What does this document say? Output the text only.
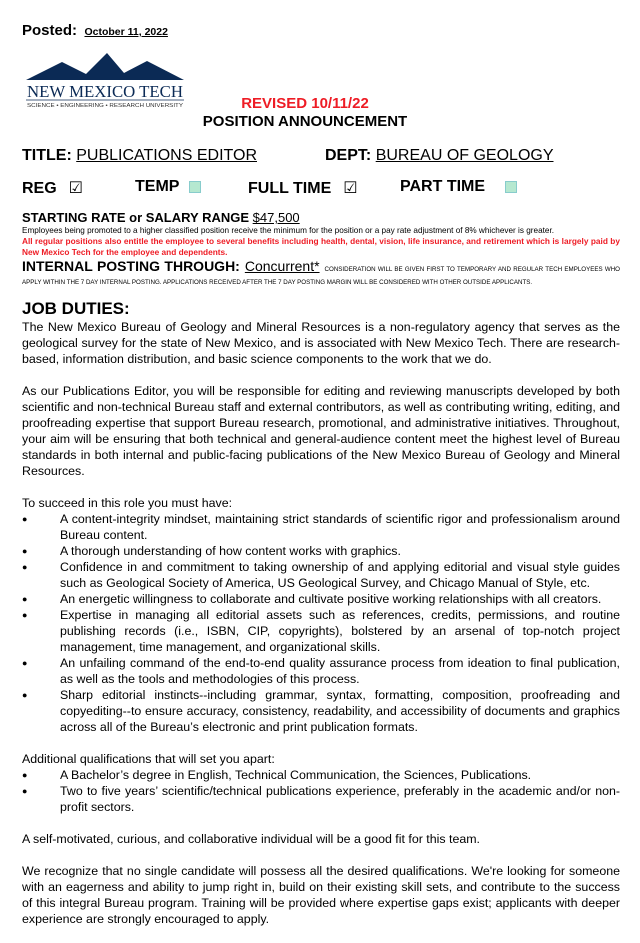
Posted: October 11, 2022
NEW MEXICO TECH
SCIENCE • ENGINEERING • RESEARCH UNIVERSITY	REVISED 10/11/22
POSITION ANNOUNCEMENT
TITLE: PUBLICATIONS EDITOR	DEPT: BUREAU OF GEOLOGY
REG ☑	TEMP	FULL TIME ☑	PART TIME
STARTING RATE or SALARY RANGE $47,500
Employees being promoted to a higher classified position receive the minimum for the position or a pay rate adjustment of 8% whichever is greater.
All regular positions also entitle the employee to several benefits including health, dental, vision, life insurance, and retirement which is largely paid by New Mexico Tech for the employee and dependents.
INTERNAL POSTING THROUGH: Concurrent* CONSIDERATION WILL BE GIVEN FIRST TO TEMPORARY AND REGULAR TECH EMPLOYEES WHO APPLY WITHIN THE 7 DAY INTERNAL POSTING. APPLICATIONS RECEIVED AFTER THE 7 DAY POSTING MARGIN WILL BE CONSIDERED WITH OTHER OUTSIDE APPLICANTS.
JOB DUTIES:

The New Mexico Bureau of Geology and Mineral Resources is a non-regulatory agency that serves as the geological survey for the state of New Mexico, and is associated with New Mexico Tech. There are research-based, information distribution, and basic science components to the work that we do.

As our Publications Editor, you will be responsible for editing and reviewing manuscripts developed by both scientific and non-technical Bureau staff and external contributors, as well as contributing writing, editing, and proofreading expertise that support Bureau research, promotional, and administrative initiatives. Throughout, your aim will be ensuring that both technical and general-audience content meet the highest level of Bureau standards in both internal and public-facing publications of the New Mexico Bureau of Geology and Mineral Resources.

To succeed in this role you must have:

● A content-integrity mindset, maintaining strict standards of scientific rigor and professionalism around Bureau content.
● A thorough understanding of how content works with graphics.
● Confidence in and commitment to taking ownership of and applying editorial and visual style guides such as Geological Society of America, US Geological Survey, and Chicago Manual of Style, etc.
● An energetic willingness to collaborate and cultivate positive working relationships with all creators.
● Expertise in managing all editorial assets such as references, credits, permissions, and routine publishing records (i.e., ISBN, CIP, copyrights), bolstered by an arsenal of top-notch project management, time management, and organizational skills.
● An unfailing command of the end-to-end quality assurance process from ideation to final publication, as well as the tools and methodologies of this process.
● Sharp editorial instincts--including grammar, syntax, formatting, composition, proofreading and copyediting--to ensure accuracy, consistency, readability, and accessibility of documents and graphics across all of the Bureau’s electronic and print publication formats.

Additional qualifications that will set you apart:

● A Bachelor’s degree in English, Technical Communication, the Sciences, Publications.
● Two to five years’ scientific/technical publications experience, preferably in the academic and/or non-profit sectors.

A self-motivated, curious, and collaborative individual will be a good fit for this team.

We recognize that no single candidate will possess all the desired qualifications. We're looking for someone with an eagerness and ability to jump right in, build on their existing skill sets, and contribute to the success of this integral Bureau program. Training will be provided where expertise gaps exist; applicants with deeper experience are strongly encouraged to apply.
